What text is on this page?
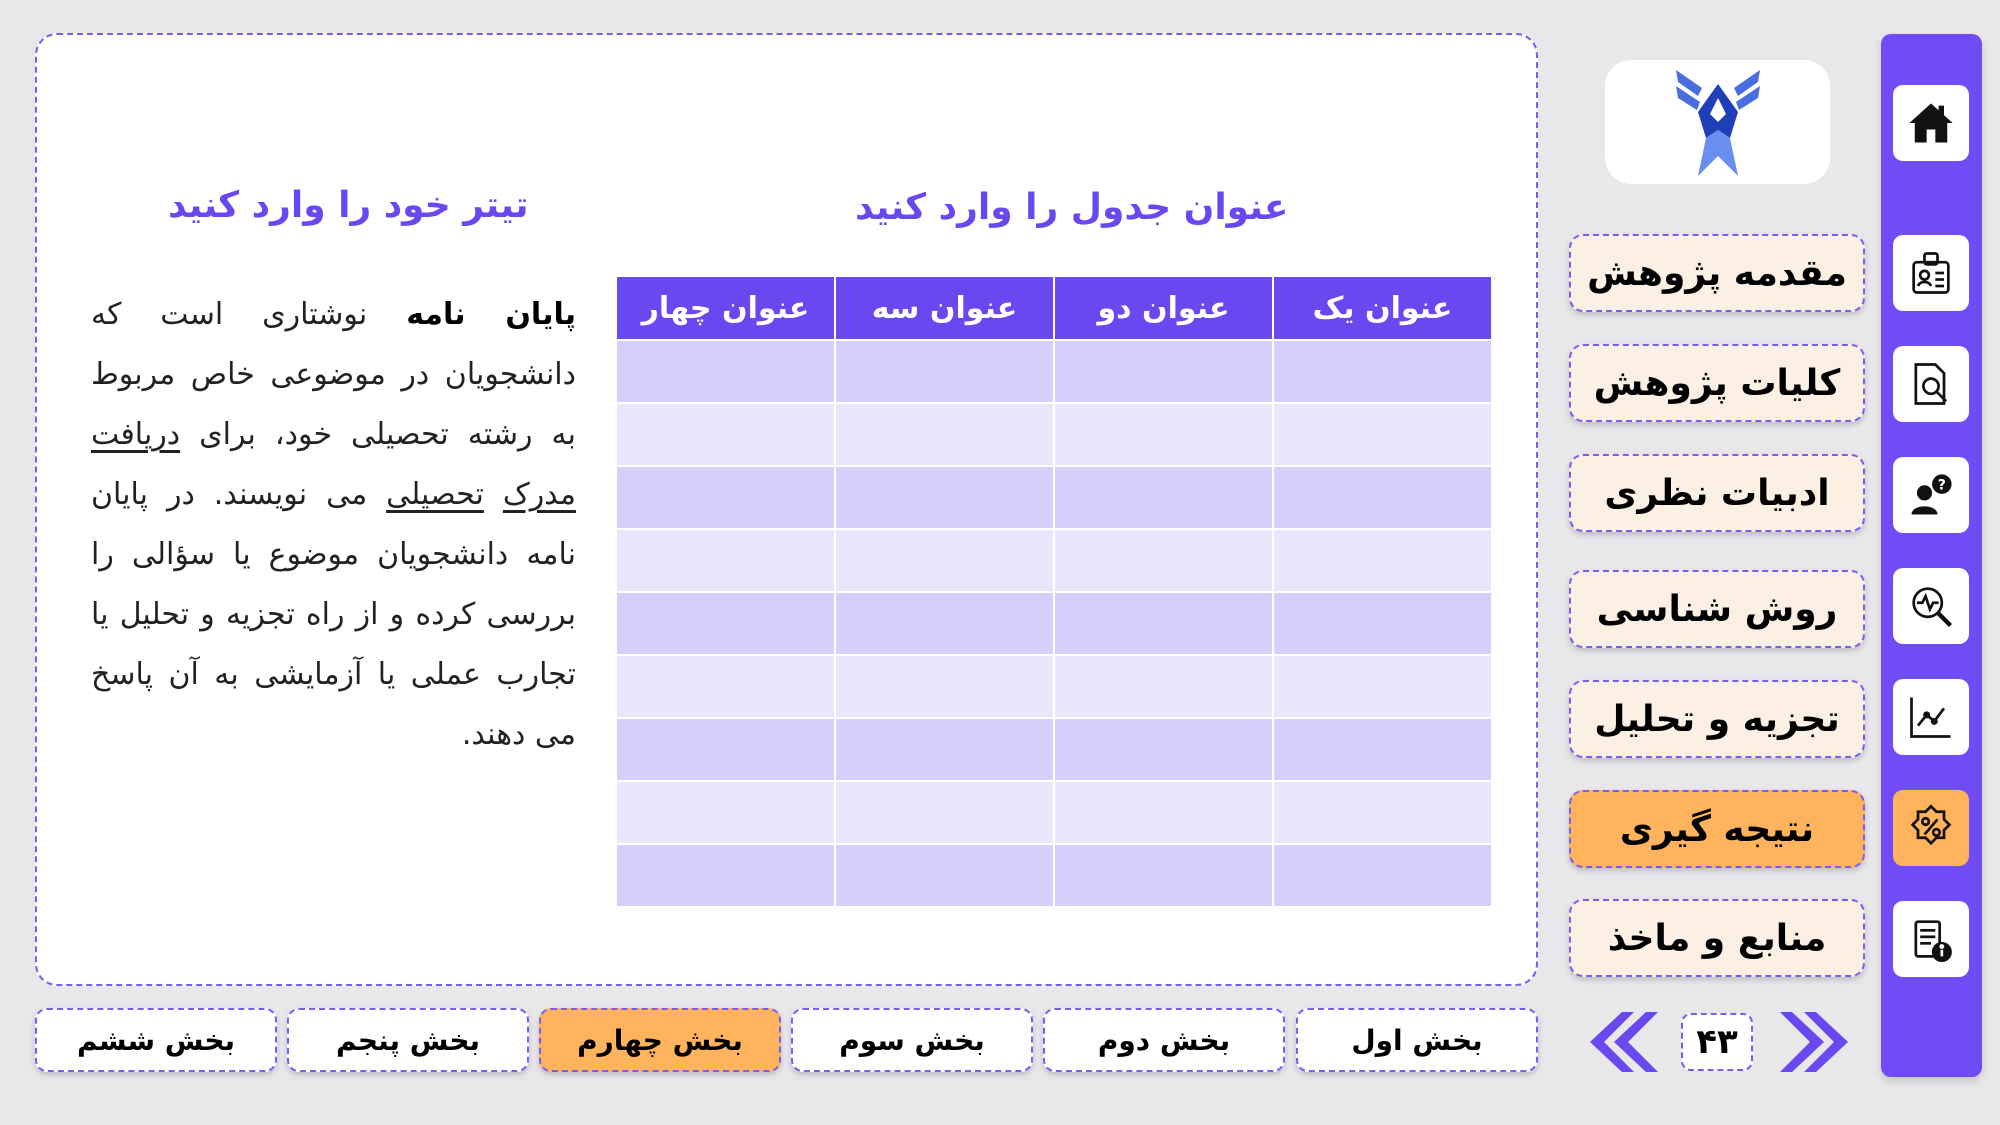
?
مقدمه پژوهش
کلیات پژوهش
ادبیات نظری
روش شناسی
تجزیه و تحلیل
نتیجه گیری
منابع و ماخذ
تیتر خود را وارد کنید	عنوان جدول را وارد کنید
پایان نامه نوشتاری است که دانشجویان در موضوعی خاص مربوط به رشته تحصیلی خود، برای دریافت مدرک تحصیلی می نویسند. در پایان نامه دانشجویان موضوع یا سؤالی را بررسی کرده و از راه تجزیه و تحلیل یا تجارب عملی یا آزمایشی به آن پاسخ می دهند.
عنوان یک	عنوان دو	عنوان سه	عنوان چهار

بخش اول
بخش دوم
بخش سوم
بخش چهارم
بخش پنجم
بخش ششم	۴۳
